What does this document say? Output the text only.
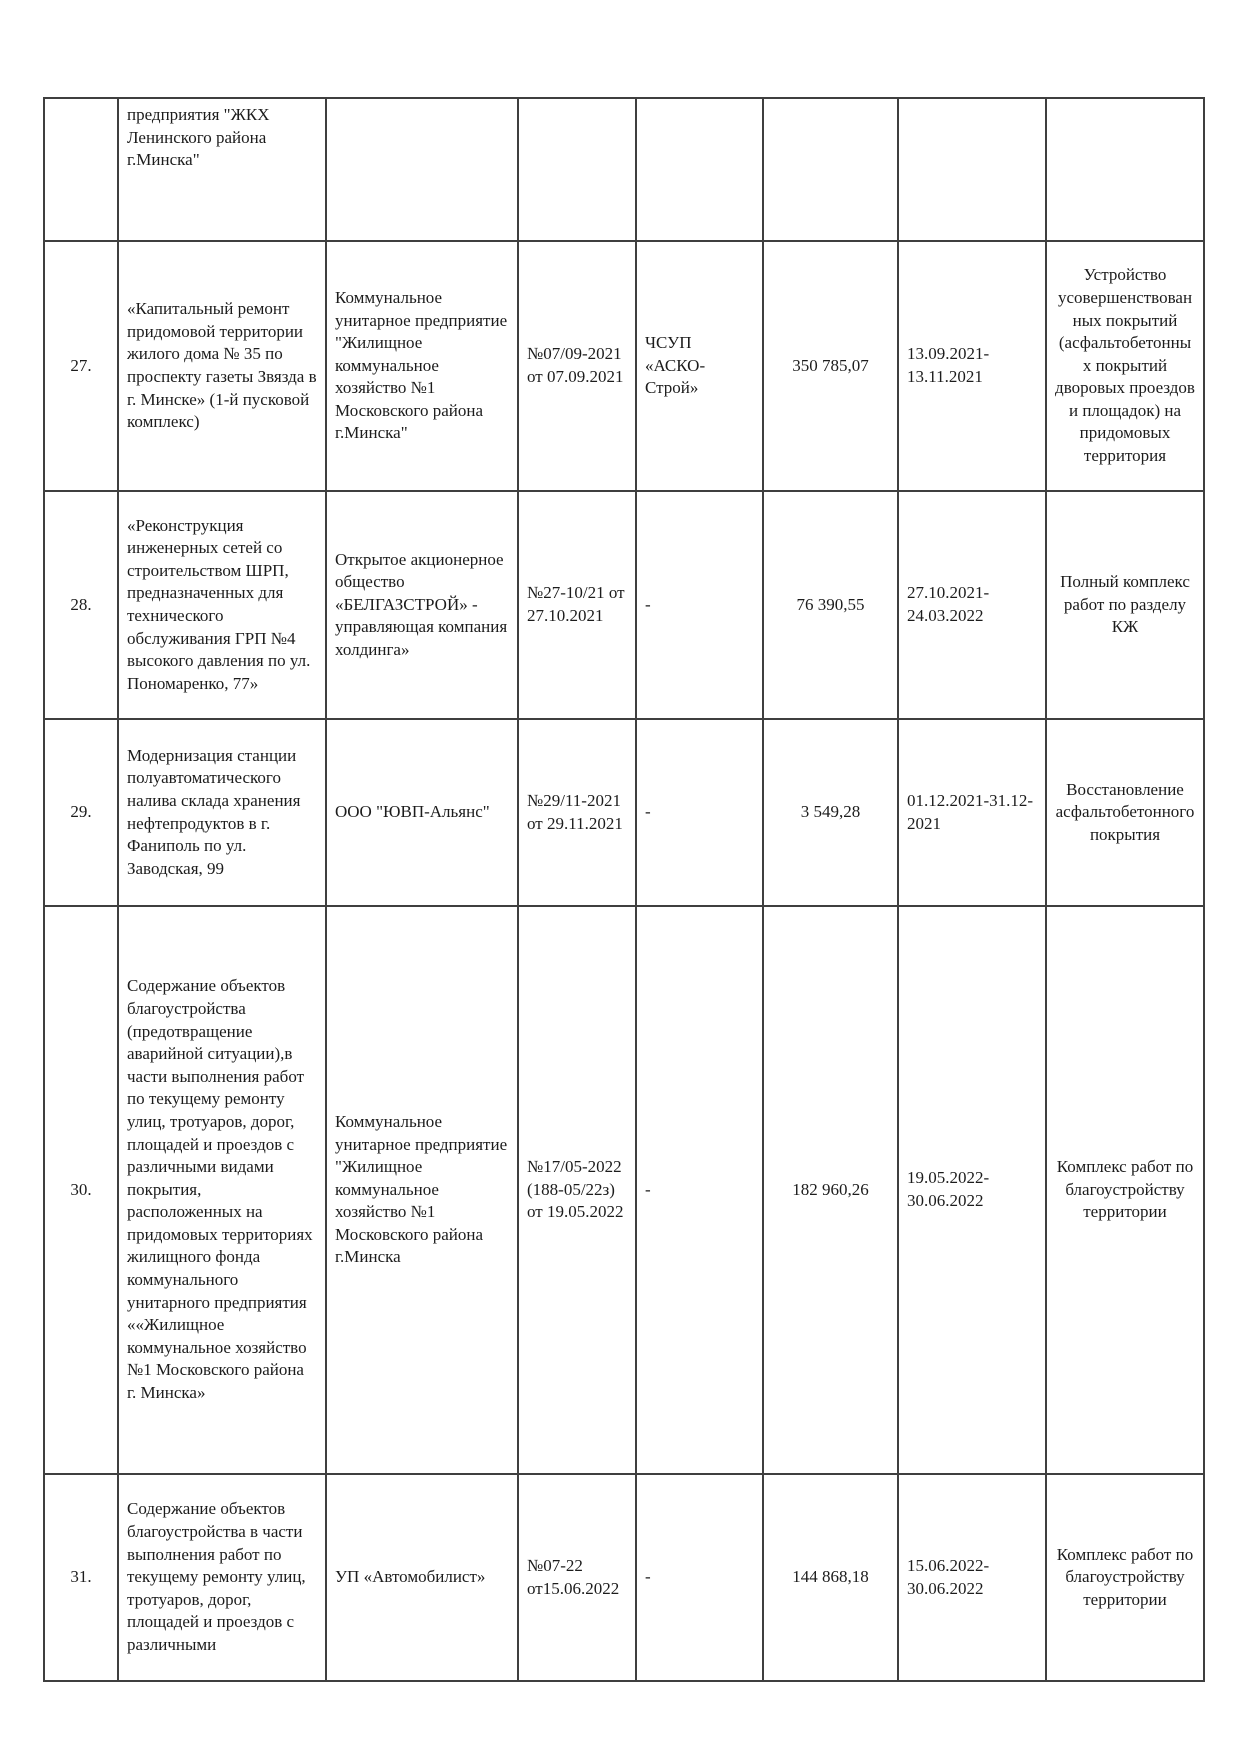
	предприятия "ЖКХ Ленинского района г.Минска"						
27.	«Капитальный ремонт придомовой территории жилого дома № 35 по проспекту газеты Звязда в г. Минске» (1-й пусковой комплекс)	Коммунальное унитарное предприятие "Жилищное коммунальное хозяйство №1 Московского района г.Минска"	№07/09-2021 от 07.09.2021	ЧСУП «АСКО-Строй»	350 785,07	13.09.2021-13.11.2021	Устройство усовершенствованных покрытий (асфальтобетонных покрытий дворовых проездов и площадок) на придомовых территория
28.	«Реконструкция инженерных сетей со строительством ШРП, предназначенных для технического обслуживания ГРП №4 высокого давления по ул. Пономаренко, 77»	Открытое акционерное общество «БЕЛГАЗСТРОЙ» - управляющая компания холдинга»	№27-10/21 от 27.10.2021	-	76 390,55	27.10.2021-24.03.2022	Полный комплекс работ по разделу КЖ
29.	Модернизация станции полуавтоматического налива склада хранения нефтепродуктов в г. Фаниполь по ул. Заводская, 99	ООО "ЮВП-Альянс"	№29/11-2021 от 29.11.2021	-	3 549,28	01.12.2021-31.12-2021	Восстановление асфальтобетонного покрытия
30.	Содержание объектов благоустройства (предотвращение аварийной ситуации),в части выполнения работ по текущему ремонту улиц, тротуаров, дорог, площадей и проездов с различными видами покрытия, расположенных на придомовых территориях жилищного фонда коммунального унитарного предприятия ««Жилищное коммунальное хозяйство №1 Московского района г. Минска»	Коммунальное унитарное предприятие "Жилищное коммунальное хозяйство №1 Московского района г.Минска	№17/05-2022 (188-05/22з) от 19.05.2022	-	182 960,26	19.05.2022-30.06.2022	Комплекс работ по благоустройству территории
31.	Содержание объектов благоустройства в части выполнения работ по текущему ремонту улиц, тротуаров, дорог, площадей и проездов с различными	УП «Автомобилист»	№07-22 от15.06.2022	-	144 868,18	15.06.2022-30.06.2022	Комплекс работ по благоустройству территории
